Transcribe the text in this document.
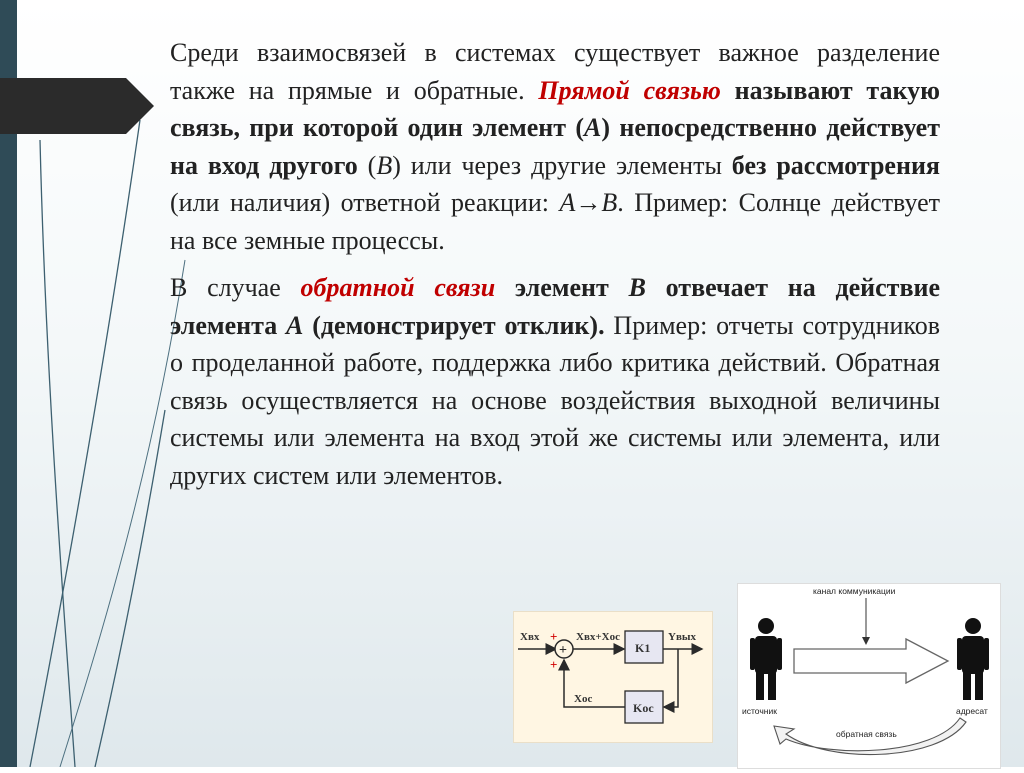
Среди взаимосвязей в системах существует важное разделение также на прямые и обратные. Прямой связью называют такую связь, при которой один элемент (A) непосредственно действует на вход другого (B) или через другие элементы без рассмотрения (или наличия) ответной реакции: A→B. Пример: Солнце действует на все земные процессы.

В случае обратной связи элемент B отвечает на действие элемента A (демонстрирует отклик). Пример: отчеты сотрудников о проделанной работе, поддержка либо критика действий. Обратная связь осуществляется на основе воздействия выходной величины системы или элемента на вход этой же системы или элемента, или других систем или элементов.

Xвх +
+
+
Xвх+Xос
K1
Yвых
Kос
Xос
канал коммуникации
источник	адресат
обратная связь
